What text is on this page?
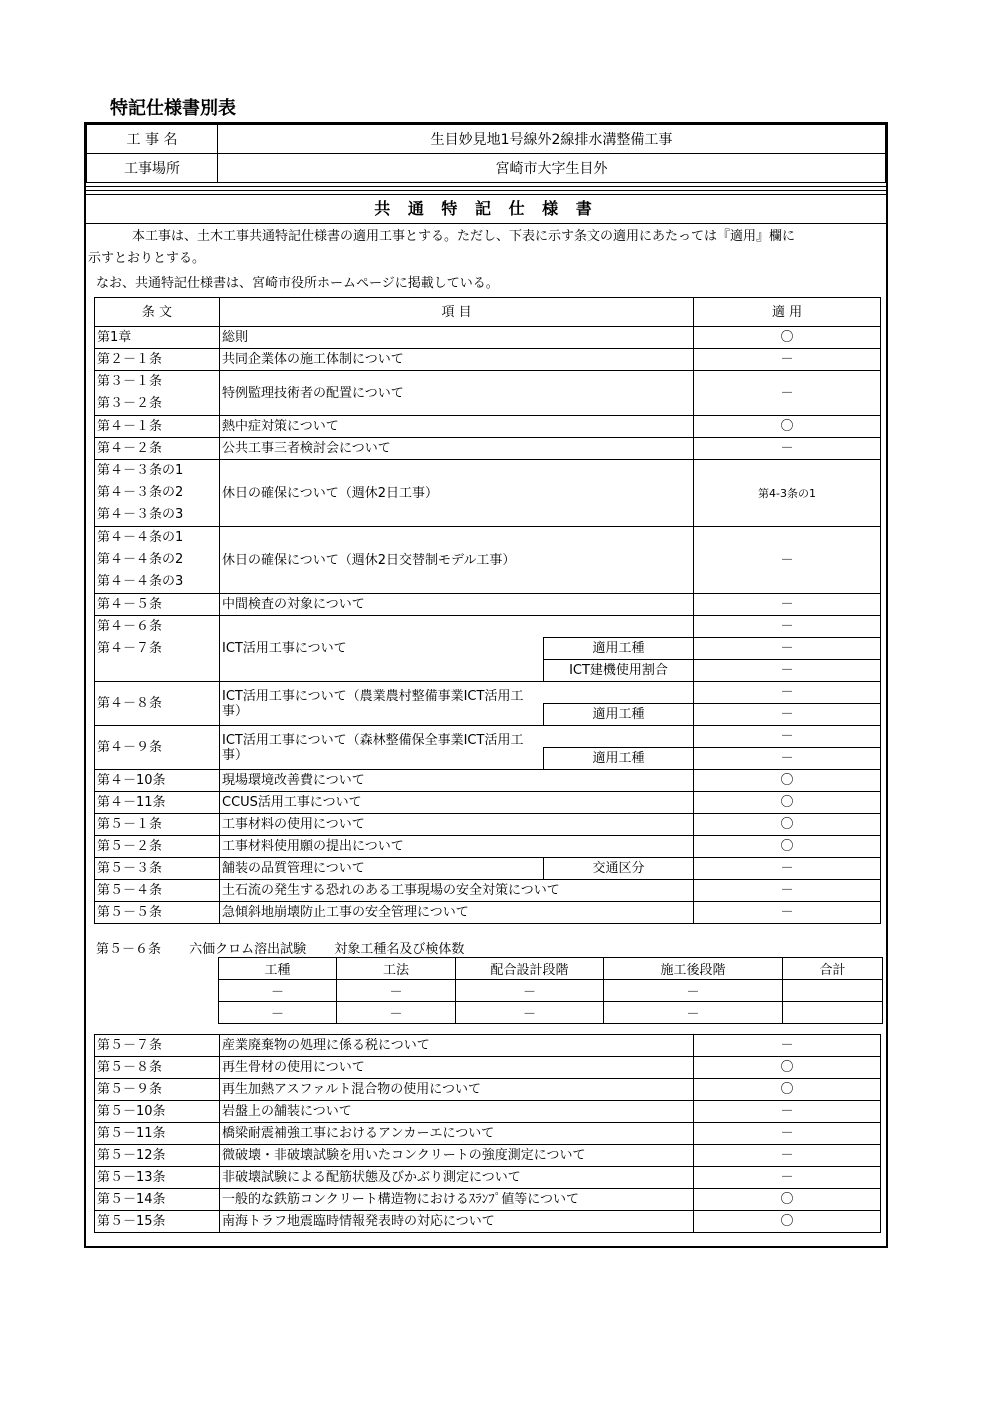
特記仕様書別表
工 事 名	生目妙見地1号線外2線排水溝整備工事
工事場所	宮崎市大字生目外
共 通 特 記 仕 様 書
本工事は、土木工事共通特記仕様書の適用工事とする。ただし、下表に示す条文の適用にあたっては『適用』欄に
示すとおりとする。
なお、共通特記仕様書は、宮崎市役所ホームページに掲載している。
条 文	項 目		適 用
第1章	総則		〇
第２－１条	共同企業体の施工体制について		－

第３－１条
第３－２条	特例監理技術者の配置について		－
第４－１条	熱中症対策について		〇
第４－２条	公共工事三者検討会について		－

第４－３条の1
第４－３条の2
第４－３条の3	休日の確保について（週休2日工事）		第4-3条の1

第４－４条の1
第４－４条の2
第４－４条の3	休日の確保について（週休2日交替制モデル工事）		－
第４－５条	中間検査の対象について		－

第４－６条
第４－７条	ICT活用工事について		－
		適用工種	－
		ICT建機使用割合	－
第４－８条	ICT活用工事について（農業農村整備事業ICT活用工事）		－
		適用工種	－
第４－９条	ICT活用工事について（森林整備保全事業ICT活用工事）		－
		適用工種	－
第４－10条	現場環境改善費について		〇
第４－11条	CCUS活用工事について		〇
第５－１条	工事材料の使用について		〇
第５－２条	工事材料使用願の提出について		〇
第５－３条	舗装の品質管理について	交通区分	－
第５－４条	土石流の発生する恐れのある工事現場の安全対策について		－
第５－５条	急傾斜地崩壊防止工事の安全管理について		－
第５－６条 六価クロム溶出試験 対象工種名及び検体数
工種	工法	配合設計段階	施工後段階	合計
－	－	－	－	
－	－	－	－	
第５－７条	産業廃棄物の処理に係る税について	－
第５－８条	再生骨材の使用について	〇
第５－９条	再生加熱アスファルト混合物の使用について	〇
第５－10条	岩盤上の舗装について	－
第５－11条	橋梁耐震補強工事におけるアンカーエについて	－
第５－12条	微破壊・非破壊試験を用いたコンクリートの強度測定について	－
第５－13条	非破壊試験による配筋状態及びかぶり測定について	－
第５－14条	一般的な鉄筋コンクリート構造物におけるｽﾗﾝﾌﾟ値等について	〇
第５－15条	南海トラフ地震臨時情報発表時の対応について	〇
